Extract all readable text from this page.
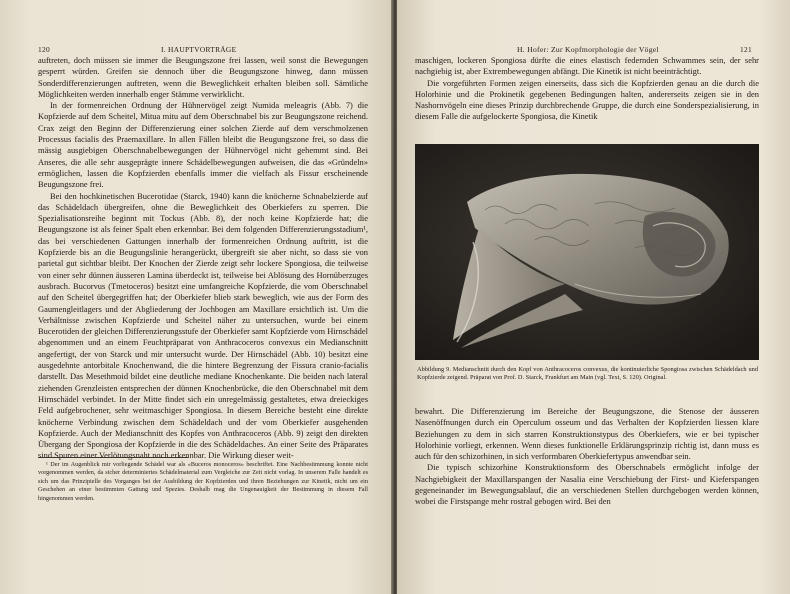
120	I. HAUPTVORTRÄGE

auftreten, doch müssen sie immer die Beugungszone frei lassen, weil sonst die Bewegungen gesperrt würden. Greifen sie dennoch über die Beugungszone hinweg, dann müssen Sonderdifferenzierungen auftreten, wenn die Beweglichkeit erhalten bleiben soll. Sämtliche Möglichkeiten werden innerhalb enger Stämme verwirklicht.

In der formenreichen Ordnung der Hühnervögel zeigt Numida meleagris (Abb. 7) die Kopfzierde auf dem Scheitel, Mitua mitu auf dem Oberschnabel bis zur Beugungszone reichend. Crax zeigt den Beginn der Differenzierung einer solchen Zierde auf dem verschmolzenen Processus facialis des Praemaxillare. In allen Fällen bleibt die Beugungszone frei, so dass die mässig ausgiebigen Oberschnabelbewegungen der Hühnervögel nicht gehemmt sind. Bei Anseres, die alle sehr ausgeprägte innere Schädelbewegungen aufweisen, die das «Gründeln» ermöglichen, lassen die Kopfzierden ebenfalls immer die vielfach als Fissur erscheinende Beugungszone frei.

Bei den hochkinetischen Bucerotidae (Starck, 1940) kann die knöcherne Schnabelzierde auf das Schädeldach übergreifen, ohne die Beweglichkeit des Oberkiefers zu sperren. Die Spezialisationsreihe beginnt mit Tockus (Abb. 8), der noch keine Kopfzierde hat; die Beugungszone ist als feiner Spalt eben erkennbar. Bei dem folgenden Differenzierungsstadium¹, das bei verschiedenen Gattungen innerhalb der formenreichen Ordnung auftritt, ist die Kopfzierde bis an die Beugungslinie herangerückt, übergreift sie aber nicht, so dass sie von parietal gut sichtbar bleibt. Der Knochen der Zierde zeigt sehr lockere Spongiosa, die teilweise von einer sehr dünnen äusseren Lamina überdeckt ist, teilweise bei Ablösung des Hornüberzuges ausbrach. Bucorvus (Tmetoceros) besitzt eine umfangreiche Kopfzierde, die vom Oberschnabel auf den Scheitel übergegriffen hat; der Oberkiefer blieb stark beweglich, wie aus der Form des Gaumengleitlagers und der Abgliederung der Jochbogen am Maxillare ersichtlich ist. Um die Verhältnisse zwischen Kopfzierde und Scheitel näher zu untersuchen, wurde bei einem Bucerotiden der gleichen Differenzierungsstufe der Oberkiefer samt Kopfzierde vom Hirnschädel abgenommen und an einem Feuchtpräparat von Anthracoceros convexus ein Medianschnitt angefertigt, der von Starck und mir untersucht wurde. Der Hirnschädel (Abb. 10) besitzt eine ausgedehnte antorbitale Knochenwand, die die hintere Begrenzung der Fissura cranio-facialis darstellt. Das Mesethmoid bildet eine deutliche mediane Knochenkante. Die beiden nach lateral ziehenden Grenzleisten entsprechen der dünnen Knochenbrücke, die den Oberschnabel mit dem Hirnschädel verbindet. In der Mitte findet sich ein unregelmässig gestaltetes, etwa dreieckiges Feld aufgebrochener, sehr weitmaschiger Spongiosa. In diesem Bereiche besteht eine direkte knöcherne Verbindung zwischen dem Schädeldach und der vom Oberkiefer ausgehenden Kopfzierde. Auch der Medianschnitt des Kopfes von Anthracoceros (Abb. 9) zeigt den direkten Übergang der Spongiosa der Kopfzierde in die des Schädeldaches. An einer Seite des Präparates sind Spuren einer Verlötungsnaht noch erkennbar. Die Wirkung dieser weit-

¹ Der im Augenblick mir vorliegende Schädel war als «Buceros monoceros» beschriftet. Eine Nachbestimmung konnte nicht vorgenommen werden, da sicher determiniertes Schädelmaterial zum Vergleiche zur Zeit nicht vorlag. In unserem Falle handelt es sich um das Prinzipielle des Vorganges bei der Ausbildung der Kopfzierden und ihren Beziehungen zur Kinetik, nicht um ein Geschehen an einer bestimmten Gattung und Spezies. Deshalb mag die Ungenauigkeit der Bestimmung in diesem Fall hingenommen werden.

H. Hofer: Zur Kopfmorphologie der Vögel	121

maschigen, lockeren Spongiosa dürfte die eines elastisch federnden Schwammes sein, der sehr nachgiebig ist, aber Extrembewegungen abfängt. Die Kinetik ist nicht beeinträchtigt.

Die vorgeführten Formen zeigen einerseits, dass sich die Kopfzierden genau an die durch die Holorhinie und die Prokinetik gegebenen Bedingungen halten, andererseits zeigen sie in den Nashornvögeln eine dieses Prinzip durchbrechende Gruppe, die durch eine Sonderspezialisierung, in diesem Falle die aufgelockerte Spongiosa, die Kinetik

Abbildung 9. Medianschnitt durch den Kopf von Anthracoceros convexus, die kontinuierliche Spongiosa zwischen Schädeldach und Kopfzierde zeigend. Präparat von Prof. D. Starck, Frankfurt am Main (vgl. Text, S. 120). Original.

bewahrt. Die Differenzierung im Bereiche der Beugungszone, die Stenose der äusseren Nasenöffnungen durch ein Operculum osseum und das Verhalten der Kopfzierden liessen klare Beziehungen zu dem in sich starren Konstruktionstypus des Oberkiefers, wie er bei typischer Holorhinie vorliegt, erkennen. Wenn dieses funktionelle Erklärungsprinzip richtig ist, dann muss es auch für den schizorhinen, in sich verformbaren Oberkiefertypus anwendbar sein.

Die typisch schizorhine Konstruktionsform des Oberschnabels ermöglicht infolge der Nachgiebigkeit der Maxillarspangen der Nasalia eine Verschiebung der First- und Kieferspangen gegeneinander im Bewegungsablauf, die an verschiedenen Stellen durchgebogen werden können, wobei die Firstspange mehr rostral gebogen wird. Bei den
